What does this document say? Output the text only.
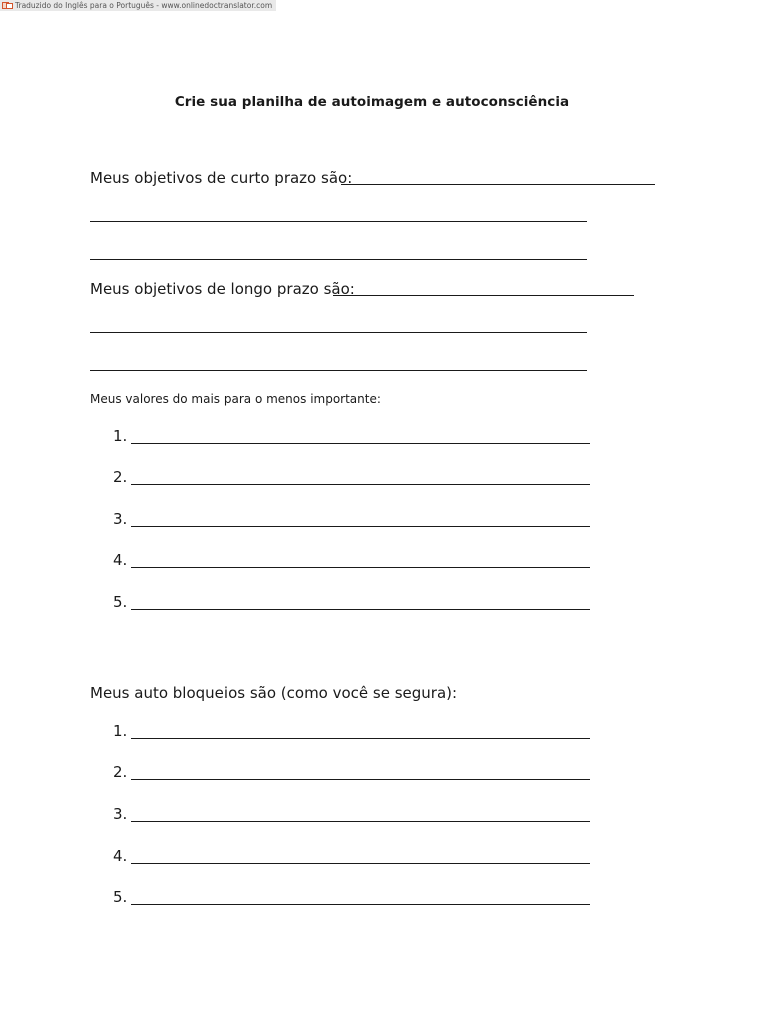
Traduzido do Inglês para o Português - www.onlinedoctranslator.com
Crie sua planilha de autoimagem e autoconsciência
Meus objetivos de curto prazo são:
Meus objetivos de longo prazo são:
Meus valores do mais para o menos importante:
1.
2.
3.
4.
5.
Meus auto bloqueios são (como você se segura):
1.
2.
3.
4.
5.
